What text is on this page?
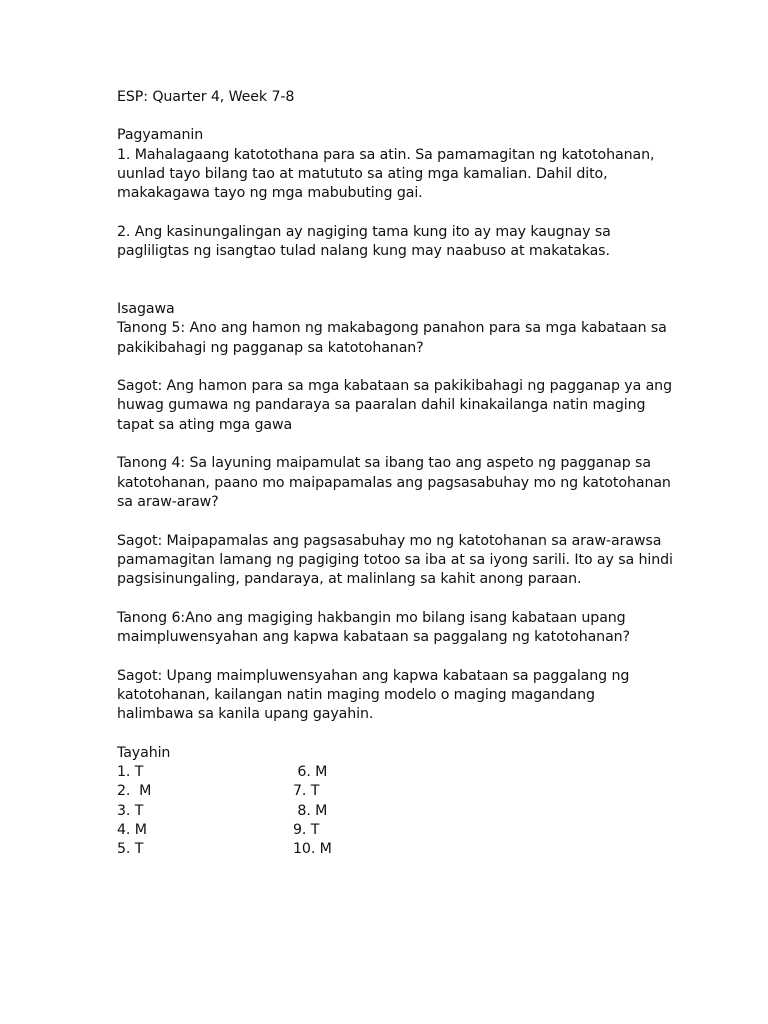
ESP: Quarter 4, Week 7-8
Pagyamanin
1. Mahalagaang katotothana para sa atin. Sa pamamagitan ng katotohanan,
uunlad tayo bilang tao at matututo sa ating mga kamalian. Dahil dito,
makakagawa tayo ng mga mabubuting gai.
2. Ang kasinungalingan ay nagiging tama kung ito ay may kaugnay sa
pagliligtas ng isangtao tulad nalang kung may naabuso at makatakas.
Isagawa
Tanong 5: Ano ang hamon ng makabagong panahon para sa mga kabataan sa
pakikibahagi ng pagganap sa katotohanan?
Sagot: Ang hamon para sa mga kabataan sa pakikibahagi ng pagganap ya ang
huwag gumawa ng pandaraya sa paaralan dahil kinakailanga natin maging
tapat sa ating mga gawa
Tanong 4: Sa layuning maipamulat sa ibang tao ang aspeto ng pagganap sa
katotohanan, paano mo maipapamalas ang pagsasabuhay mo ng katotohanan
sa araw-araw?
Sagot: Maipapamalas ang pagsasabuhay mo ng katotohanan sa araw-arawsa
pamamagitan lamang ng pagiging totoo sa iba at sa iyong sarili. Ito ay sa hindi
pagsisinungaling, pandaraya, at malinlang sa kahit anong paraan.
Tanong 6:Ano ang magiging hakbangin mo bilang isang kabataan upang
maimpluwensyahan ang kapwa kabataan sa paggalang ng katotohanan?
Sagot: Upang maimpluwensyahan ang kapwa kabataan sa paggalang ng
katotohanan, kailangan natin maging modelo o maging magandang
halimbawa sa kanila upang gayahin.
Tayahin
1. T	6. M
2.  M	7. T
3. T	8. M
4. M	9. T
5. T	10. M
